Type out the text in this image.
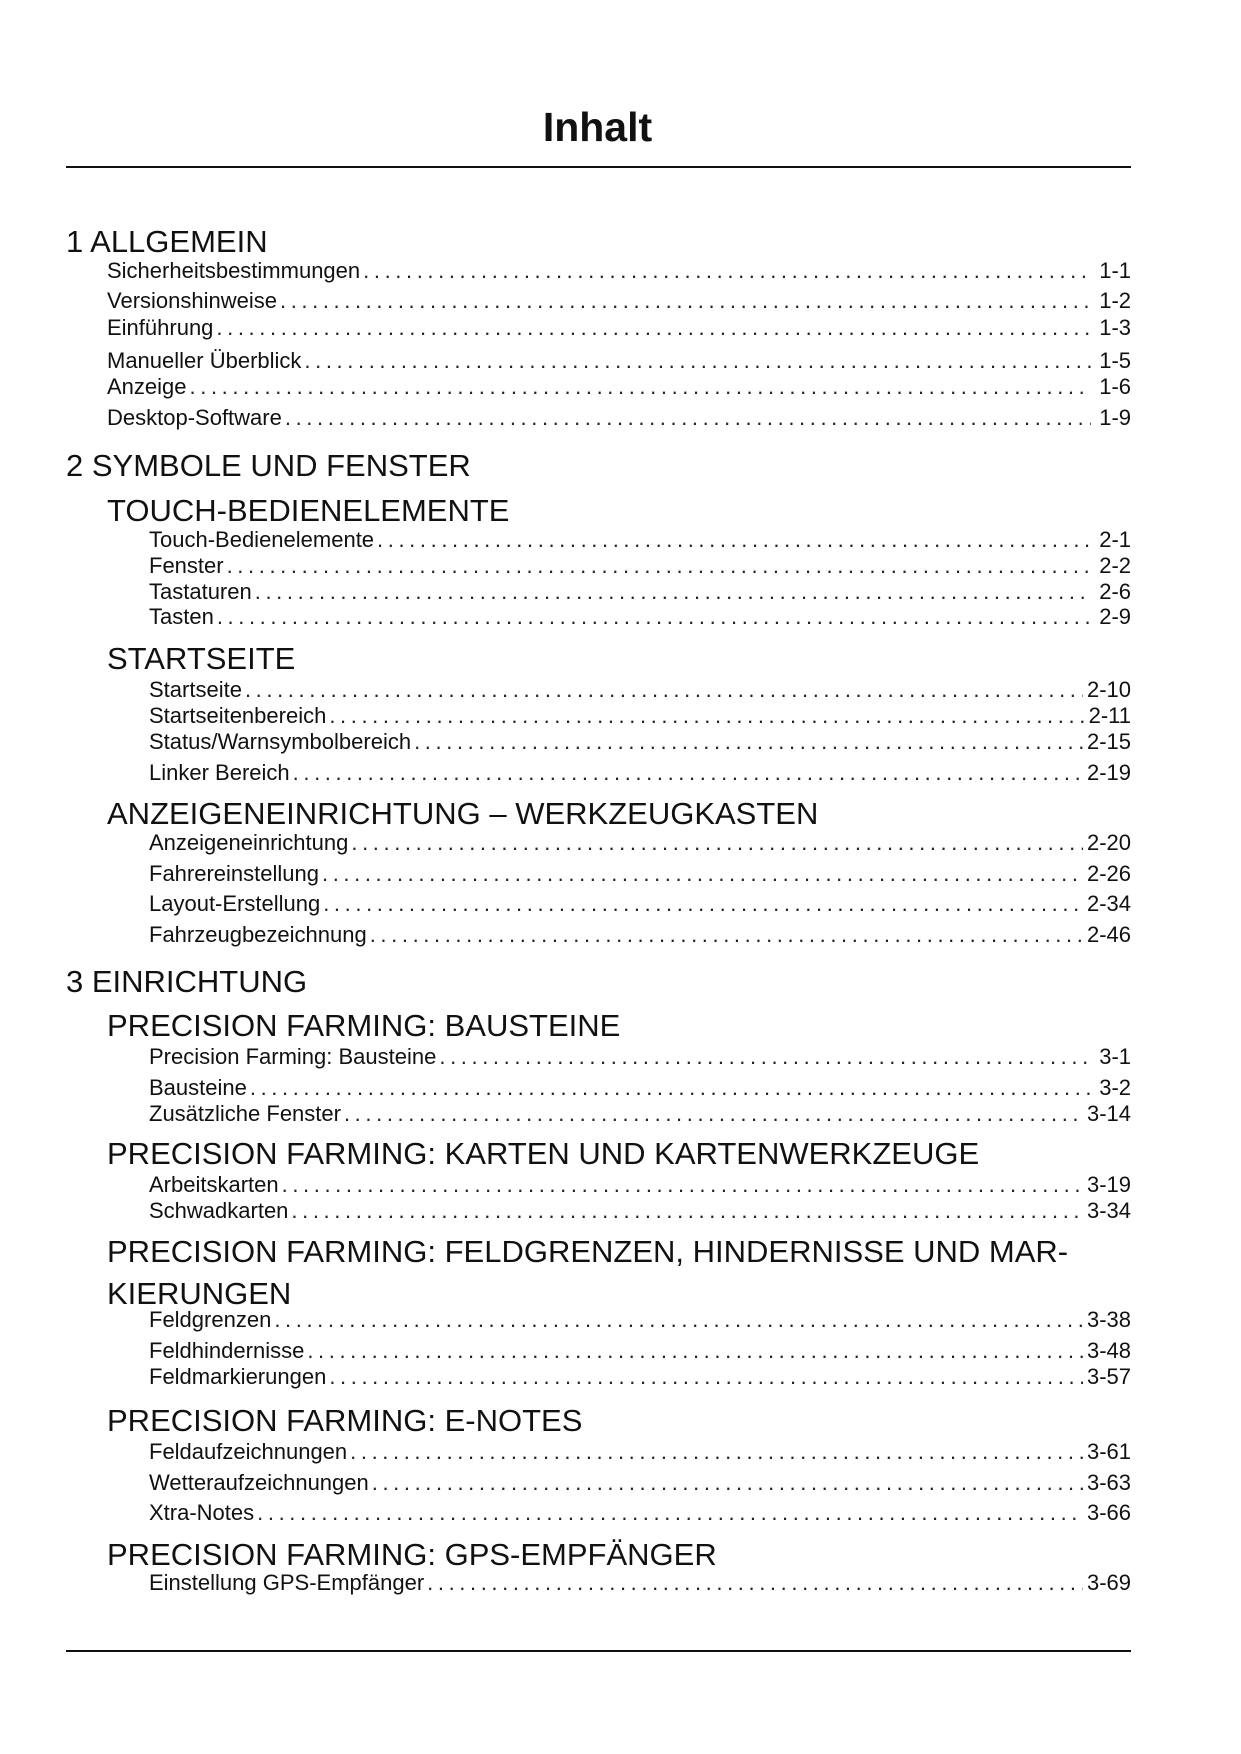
Inhalt
1 ALLGEMEIN
Sicherheitsbestimmungen .....	1-1
Versionshinweise .....	1-2
Einführung .....	1-3
Manueller Überblick .....	1-5
Anzeige .....	1-6
Desktop-Software .....	1-9
2 SYMBOLE UND FENSTER
TOUCH-BEDIENELEMENTE
Touch-Bedienelemente .....	2-1
Fenster .....	2-2
Tastaturen .....	2-6
Tasten .....	2-9
STARTSEITE
Startseite .....	2-10
Startseitenbereich .....	2-11
Status/Warnsymbolbereich .....	2-15
Linker Bereich .....	2-19
ANZEIGENEINRICHTUNG – WERKZEUGKASTEN
Anzeigeneinrichtung .....	2-20
Fahrereinstellung .....	2-26
Layout-Erstellung .....	2-34
Fahrzeugbezeichnung .....	2-46
3 EINRICHTUNG
PRECISION FARMING: BAUSTEINE
Precision Farming: Bausteine .....	3-1
Bausteine .....	3-2
Zusätzliche Fenster .....	3-14
PRECISION FARMING: KARTEN UND KARTENWERKZEUGE
Arbeitskarten .....	3-19
Schwadkarten .....	3-34
PRECISION FARMING: FELDGRENZEN, HINDERNISSE UND MAR-
KIERUNGEN
Feldgrenzen .....	3-38
Feldhindernisse .....	3-48
Feldmarkierungen .....	3-57
PRECISION FARMING: E-NOTES
Feldaufzeichnungen .....	3-61
Wetteraufzeichnungen .....	3-63
Xtra-Notes .....	3-66
PRECISION FARMING: GPS-EMPFÄNGER
Einstellung GPS-Empfänger .....	3-69
